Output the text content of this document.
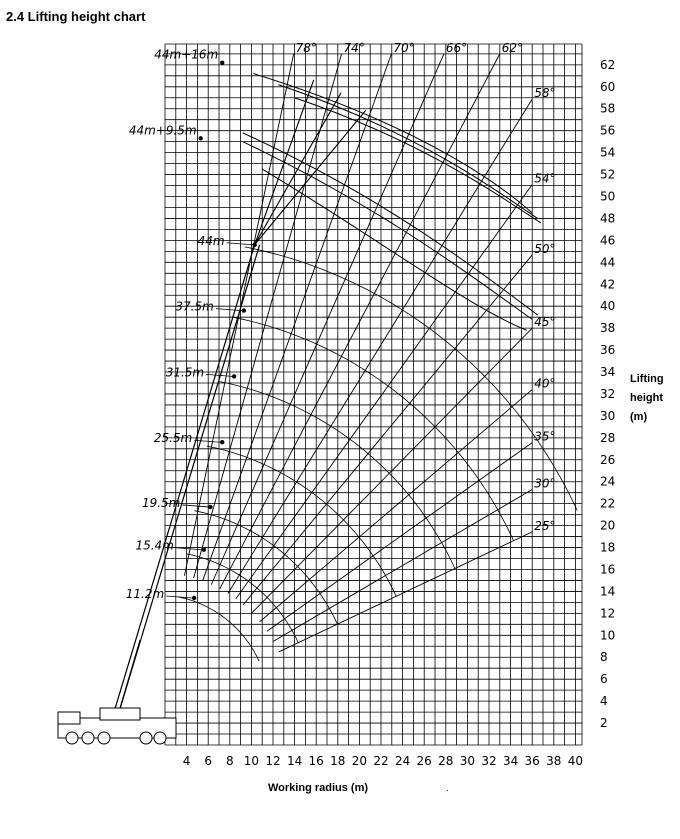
2.4 Lifting height chart
4 6 8 10 12 14 16 18 20 22 24 26 28 30 32 34 36 38 40
2
4
6
8
10
12
14
16
18
20
22
24
26
28
30
32
34
36
38
40
42
44
46
48
50
52
54
56
58
60
62
25°
30°
35°
40°
45°
50°
54°
58°
62°
66°
70°
74°
78°
11.2m
15.4m
19.5m
25.5m
31.5m
37.5m
44m
44m+9.5m
44m+16m
Lifting
height
(m)
Working radius (m)	·
